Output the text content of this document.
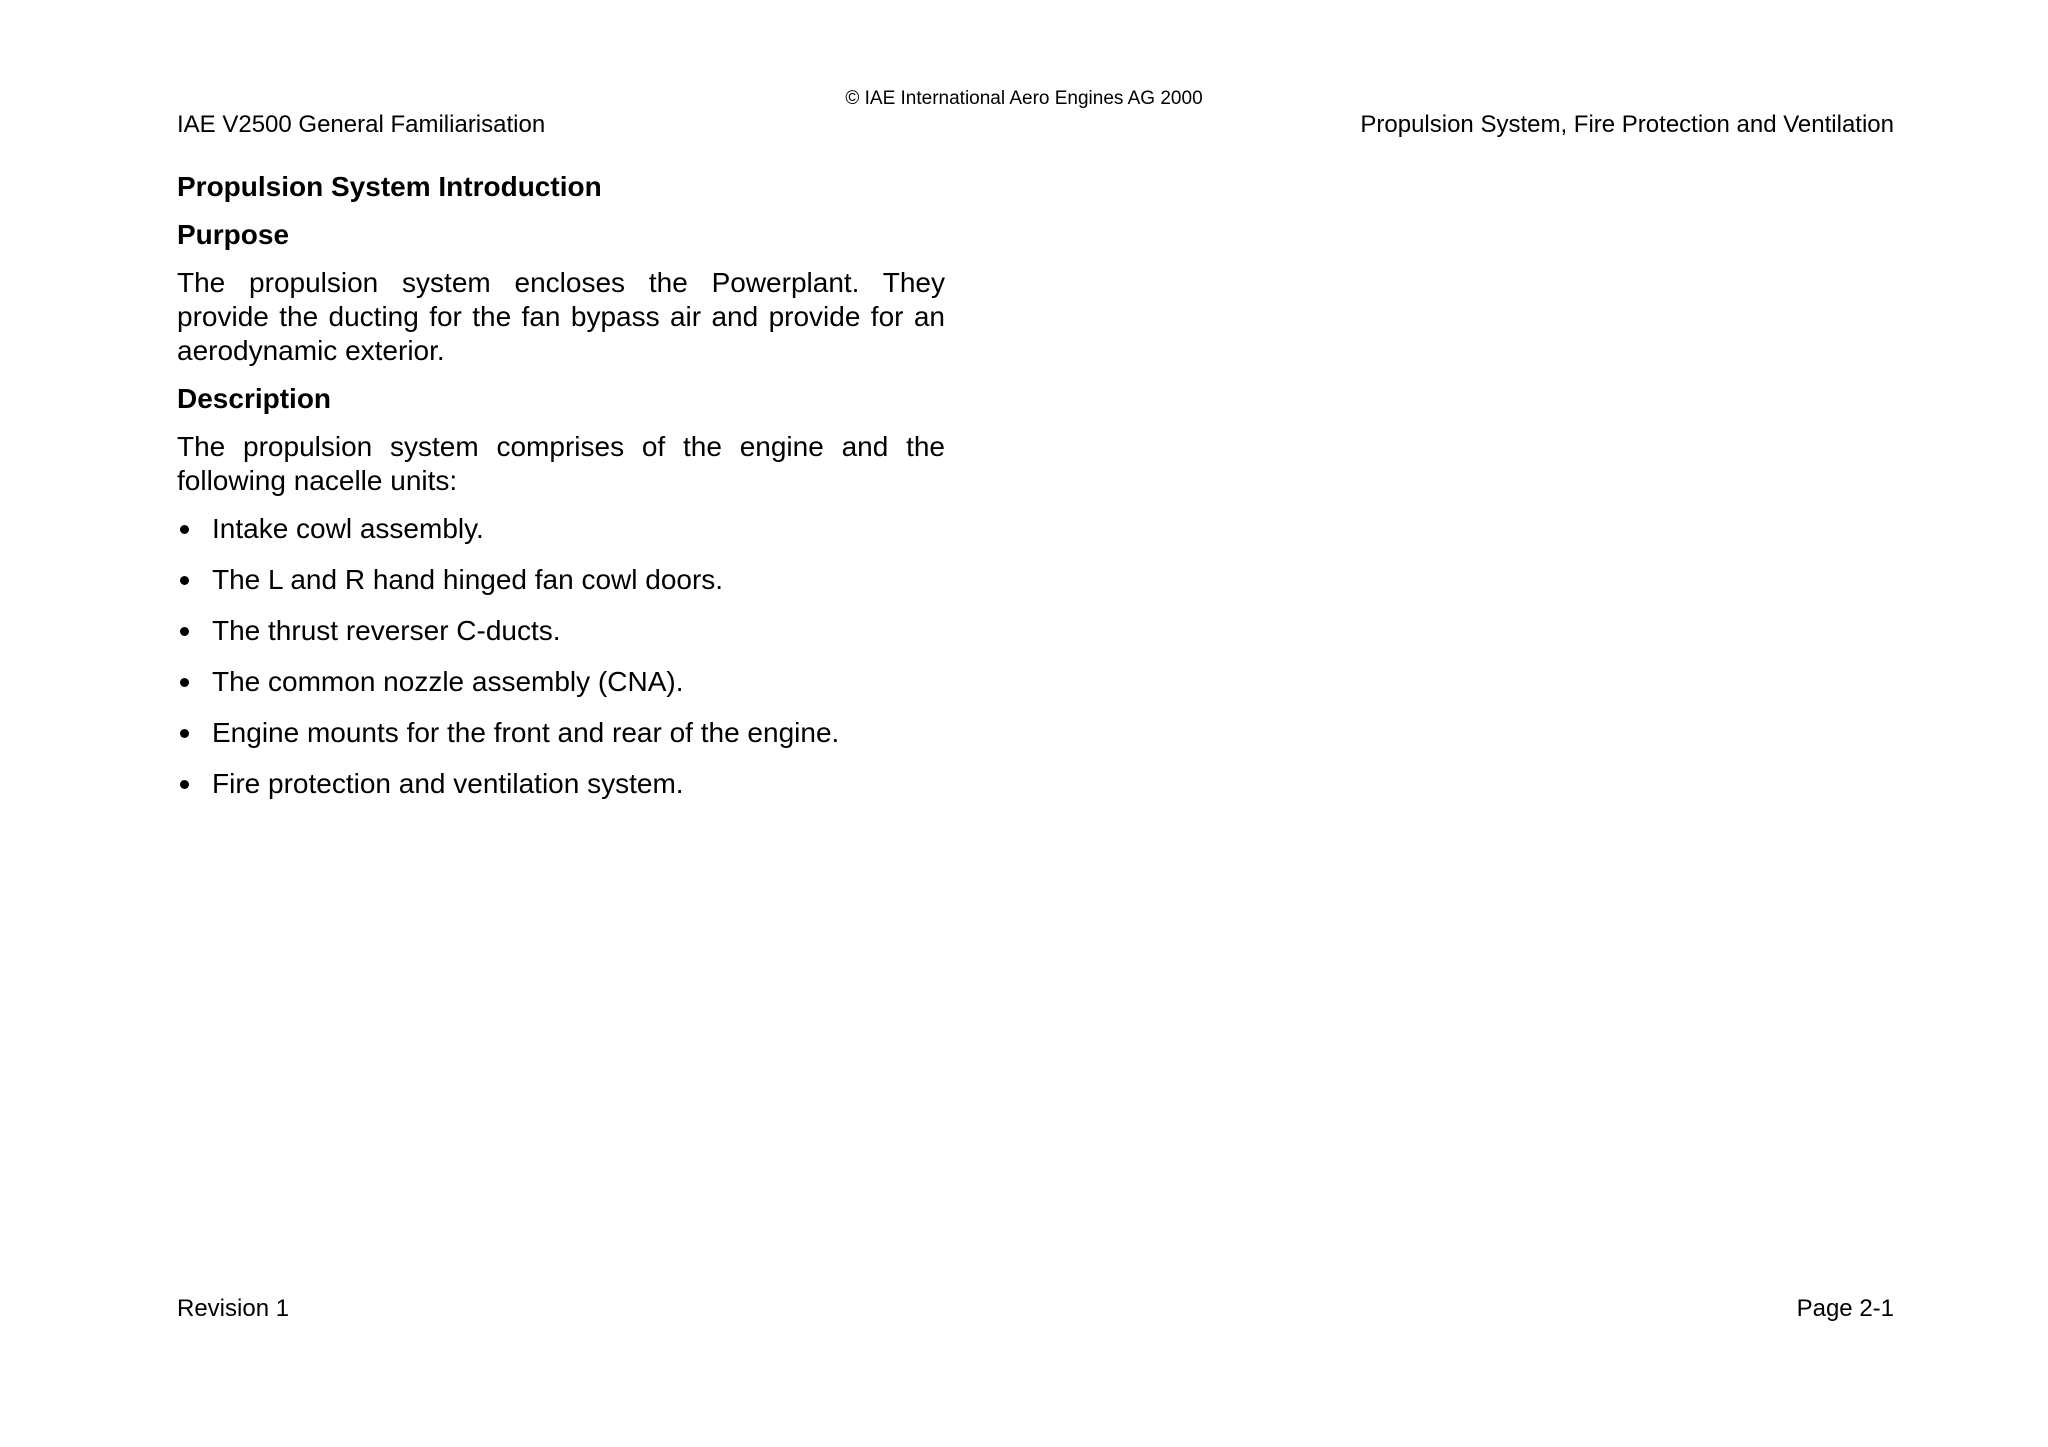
© IAE International Aero Engines AG 2000
IAE V2500 General Familiarisation	Propulsion System, Fire Protection and Ventilation
Propulsion System Introduction
Purpose
The propulsion system encloses the Powerplant. They provide the ducting for the fan bypass air and provide for an aerodynamic exterior.
Description
The propulsion system comprises of the engine and the following nacelle units:
Intake cowl assembly.
The L and R hand hinged fan cowl doors.
The thrust reverser C-ducts.
The common nozzle assembly (CNA).
Engine mounts for the front and rear of the engine.
Fire protection and ventilation system.
Revision 1	Page 2-1
